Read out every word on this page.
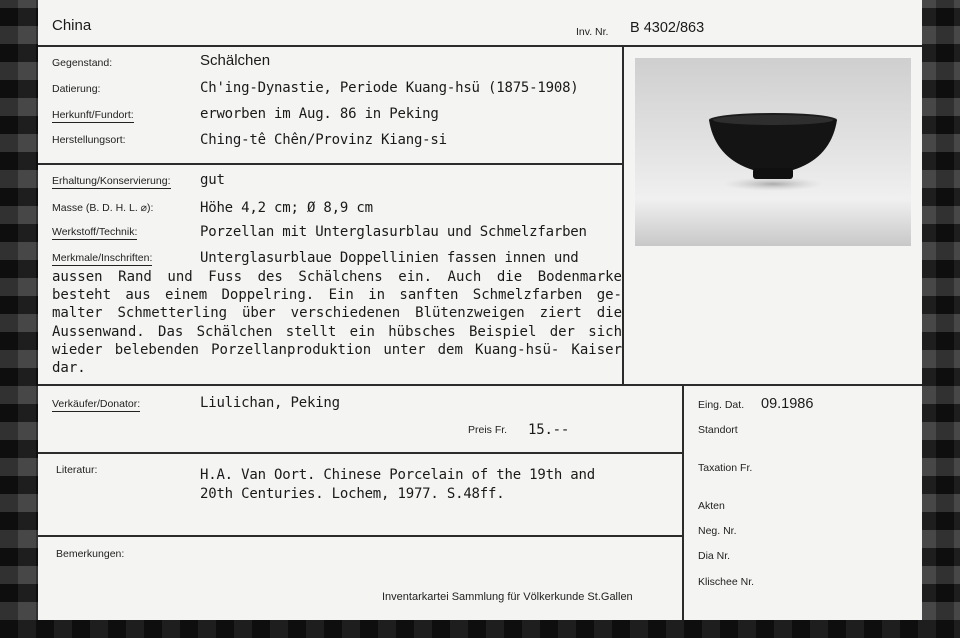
China	Inv. Nr. B 4302/863
Gegenstand:	Schälchen
Datierung:	Ch'ing-Dynastie, Periode Kuang-hsü (1875-1908)
Herkunft/Fundort:	erworben im Aug. 86 in Peking
Herstellungsort:	Ching-tê Chên/Provinz Kiang-si
Erhaltung/Konservierung: gut
Masse (B. D. H. L. ⌀):	Höhe 4,2 cm; Ø 8,9 cm
Werkstoff/Technik:	Porzellan mit Unterglasurblau und Schmelzfarben
Merkmale/Inschriften:	Unterglasurblaue Doppellinien fassen innen und
aussen Rand und Fuss des Schälchens ein. Auch die Bodenmarke besteht aus einem Doppelring. Ein in sanften Schmelzfarben ge- malter Schmetterling über verschiedenen Blütenzweigen ziert die Aussenwand. Das Schälchen stellt ein hübsches Beispiel der sich wieder belebenden Porzellanproduktion unter dem Kuang-hsü- Kaiser dar.
Verkäufer/Donator:	Liulichan, Peking
Preis Fr. 15.--
Literatur:	H.A. Van Oort. Chinese Porcelain of the 19th and
20th Centuries. Lochem, 1977. S.48ff.
Bemerkungen:
Inventarkartei Sammlung für Völkerkunde St.Gallen
Eing. Dat. 09.1986
Standort
Taxation Fr.
Akten
Neg. Nr.
Dia Nr.
Klischee Nr.
